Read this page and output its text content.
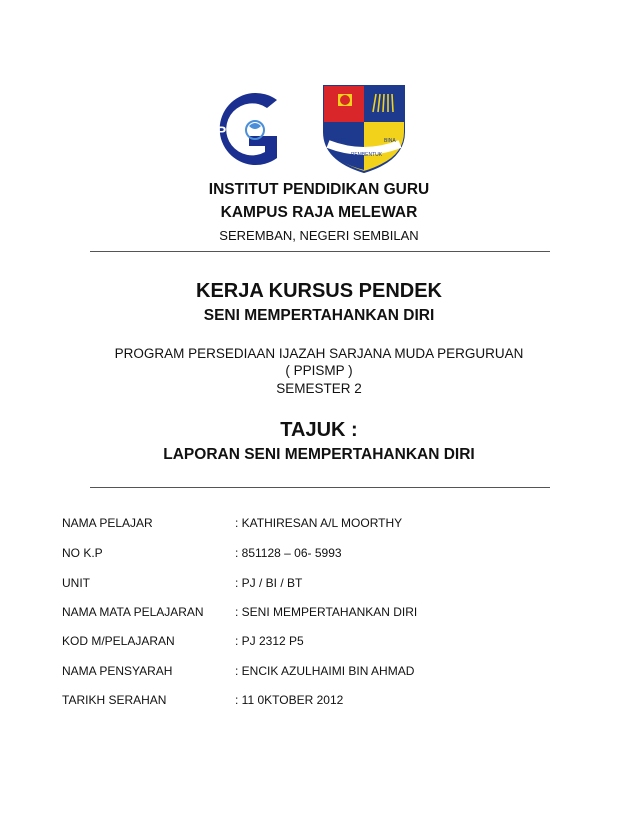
iPG
GURU
PEMBENTUK
BINA
INSTITUT PENDIDIKAN GURU
KAMPUS RAJA MELEWAR
SEREMBAN, NEGERI SEMBILAN
KERJA KURSUS PENDEK
SENI MEMPERTAHANKAN DIRI
PROGRAM PERSEDIAAN IJAZAH SARJANA MUDA PERGURUAN
( PPISMP )
SEMESTER 2
TAJUK :
LAPORAN SENI MEMPERTAHANKAN DIRI
NAMA PELAJAR	: KATHIRESAN A/L MOORTHY
NO K.P	: 851128 – 06- 5993
UNIT	: PJ / BI / BT
NAMA MATA PELAJARAN	: SENI MEMPERTAHANKAN DIRI
KOD M/PELAJARAN	: PJ 2312 P5
NAMA PENSYARAH	: ENCIK AZULHAIMI BIN AHMAD
TARIKH SERAHAN	: 11 0KTOBER 2012
